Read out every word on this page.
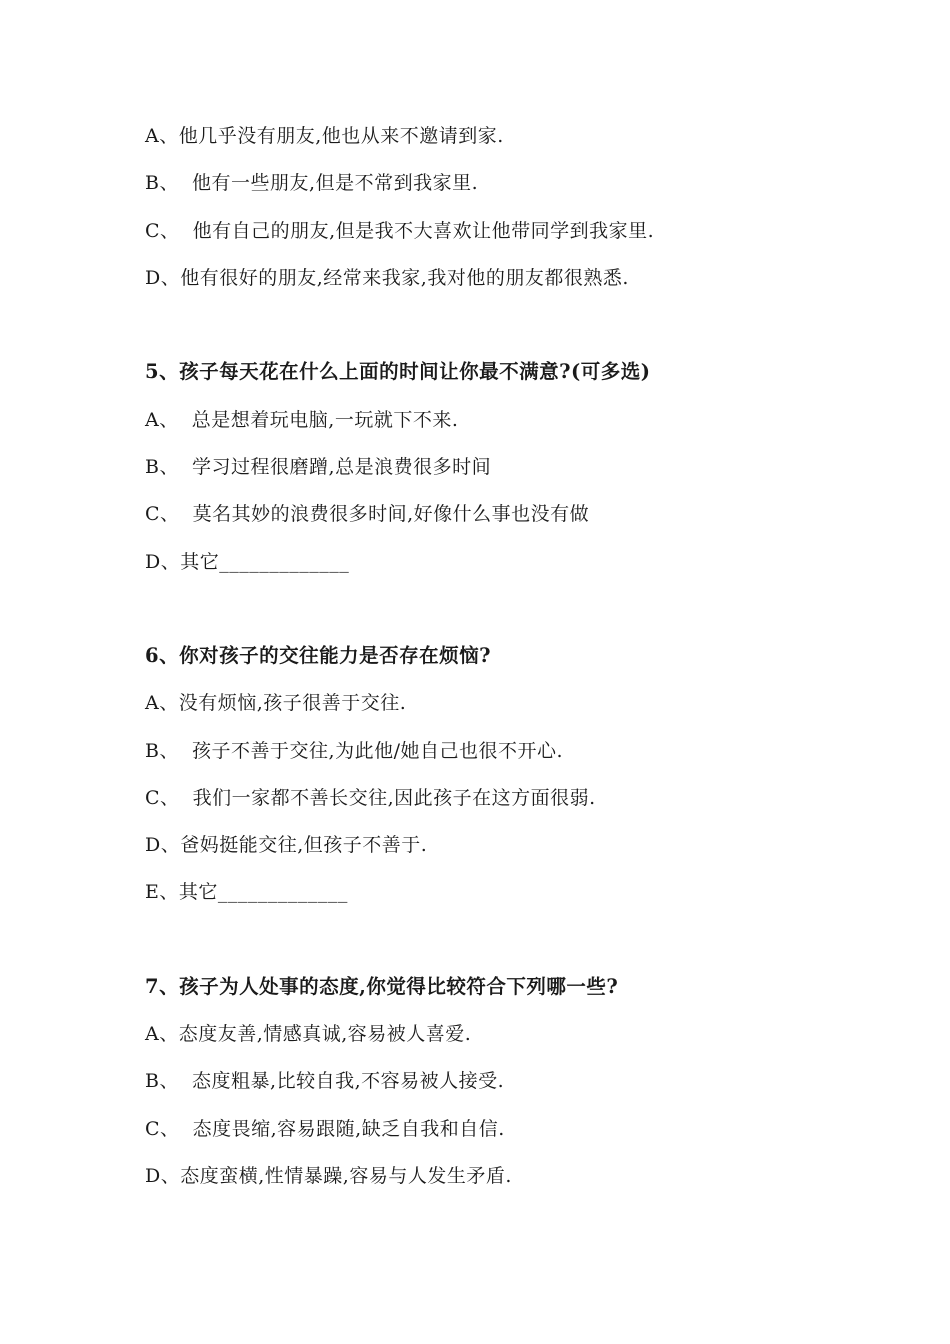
A、他几乎没有朋友,他也从来不邀请到家.
B、  他有一些朋友,但是不常到我家里.
C、  他有自己的朋友,但是我不大喜欢让他带同学到我家里.
D、他有很好的朋友,经常来我家,我对他的朋友都很熟悉.
5、孩子每天花在什么上面的时间让你最不满意?(可多选)
A、  总是想着玩电脑,一玩就下不来.
B、  学习过程很磨蹭,总是浪费很多时间
C、  莫名其妙的浪费很多时间,好像什么事也没有做
D、其它_____________
6、你对孩子的交往能力是否存在烦恼?
A、没有烦恼,孩子很善于交往.
B、  孩子不善于交往,为此他/她自己也很不开心.
C、  我们一家都不善长交往,因此孩子在这方面很弱.
D、爸妈挺能交往,但孩子不善于.
E、其它_____________
7、孩子为人处事的态度,你觉得比较符合下列哪一些?
A、态度友善,情感真诚,容易被人喜爱.
B、  态度粗暴,比较自我,不容易被人接受.
C、  态度畏缩,容易跟随,缺乏自我和自信.
D、态度蛮横,性情暴躁,容易与人发生矛盾.
